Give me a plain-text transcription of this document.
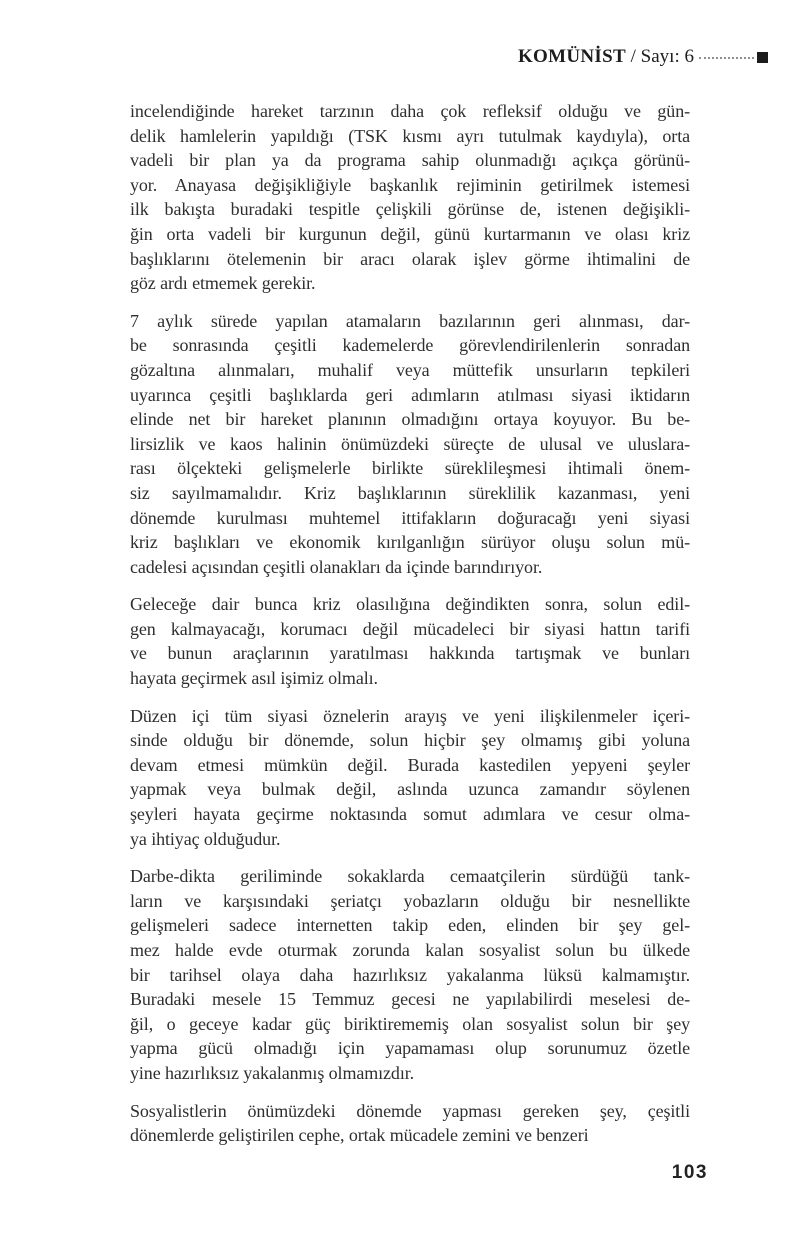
KOMÜNİST / Sayı: 6

incelendiğinde hareket tarzının daha çok refleksif olduğu ve gün-
delik hamlelerin yapıldığı (TSK kısmı ayrı tutulmak kaydıyla), orta
vadeli bir plan ya da programa sahip olunmadığı açıkça görünü-
yor. Anayasa değişikliğiyle başkanlık rejiminin getirilmek istemesi
ilk bakışta buradaki tespitle çelişkili görünse de, istenen değişikli-
ğin orta vadeli bir kurgunun değil, günü kurtarmanın ve olası kriz
başlıklarını ötelemenin bir aracı olarak işlev görme ihtimalini de
göz ardı etmemek gerekir.

7 aylık sürede yapılan atamaların bazılarının geri alınması, dar-
be sonrasında çeşitli kademelerde görevlendirilenlerin sonradan
gözaltına alınmaları, muhalif veya müttefik unsurların tepkileri
uyarınca çeşitli başlıklarda geri adımların atılması siyasi iktidarın
elinde net bir hareket planının olmadığını ortaya koyuyor. Bu be-
lirsizlik ve kaos halinin önümüzdeki süreçte de ulusal ve uluslara-
rası ölçekteki gelişmelerle birlikte süreklileşmesi ihtimali önem-
siz sayılmamalıdır. Kriz başlıklarının süreklilik kazanması, yeni
dönemde kurulması muhtemel ittifakların doğuracağı yeni siyasi
kriz başlıkları ve ekonomik kırılganlığın sürüyor oluşu solun mü-
cadelesi açısından çeşitli olanakları da içinde barındırıyor.

Geleceğe dair bunca kriz olasılığına değindikten sonra, solun edil-
gen kalmayacağı, korumacı değil mücadeleci bir siyasi hattın tarifi
ve bunun araçlarının yaratılması hakkında tartışmak ve bunları
hayata geçirmek asıl işimiz olmalı.

Düzen içi tüm siyasi öznelerin arayış ve yeni ilişkilenmeler içeri-
sinde olduğu bir dönemde, solun hiçbir şey olmamış gibi yoluna
devam etmesi mümkün değil. Burada kastedilen yepyeni şeyler
yapmak veya bulmak değil, aslında uzunca zamandır söylenen
şeyleri hayata geçirme noktasında somut adımlara ve cesur olma-
ya ihtiyaç olduğudur.

Darbe-dikta geriliminde sokaklarda cemaatçilerin sürdüğü tank-
ların ve karşısındaki şeriatçı yobazların olduğu bir nesnellikte
gelişmeleri sadece internetten takip eden, elinden bir şey gel-
mez halde evde oturmak zorunda kalan sosyalist solun bu ülkede
bir tarihsel olaya daha hazırlıksız yakalanma lüksü kalmamıştır.
Buradaki mesele 15 Temmuz gecesi ne yapılabilirdi meselesi de-
ğil, o geceye kadar güç biriktirememiş olan sosyalist solun bir şey
yapma gücü olmadığı için yapamaması olup sorunumuz özetle
yine hazırlıksız yakalanmış olmamızdır.

Sosyalistlerin önümüzdeki dönemde yapması gereken şey, çeşitli
dönemlerde geliştirilen cephe, ortak mücadele zemini ve benzeri

103
